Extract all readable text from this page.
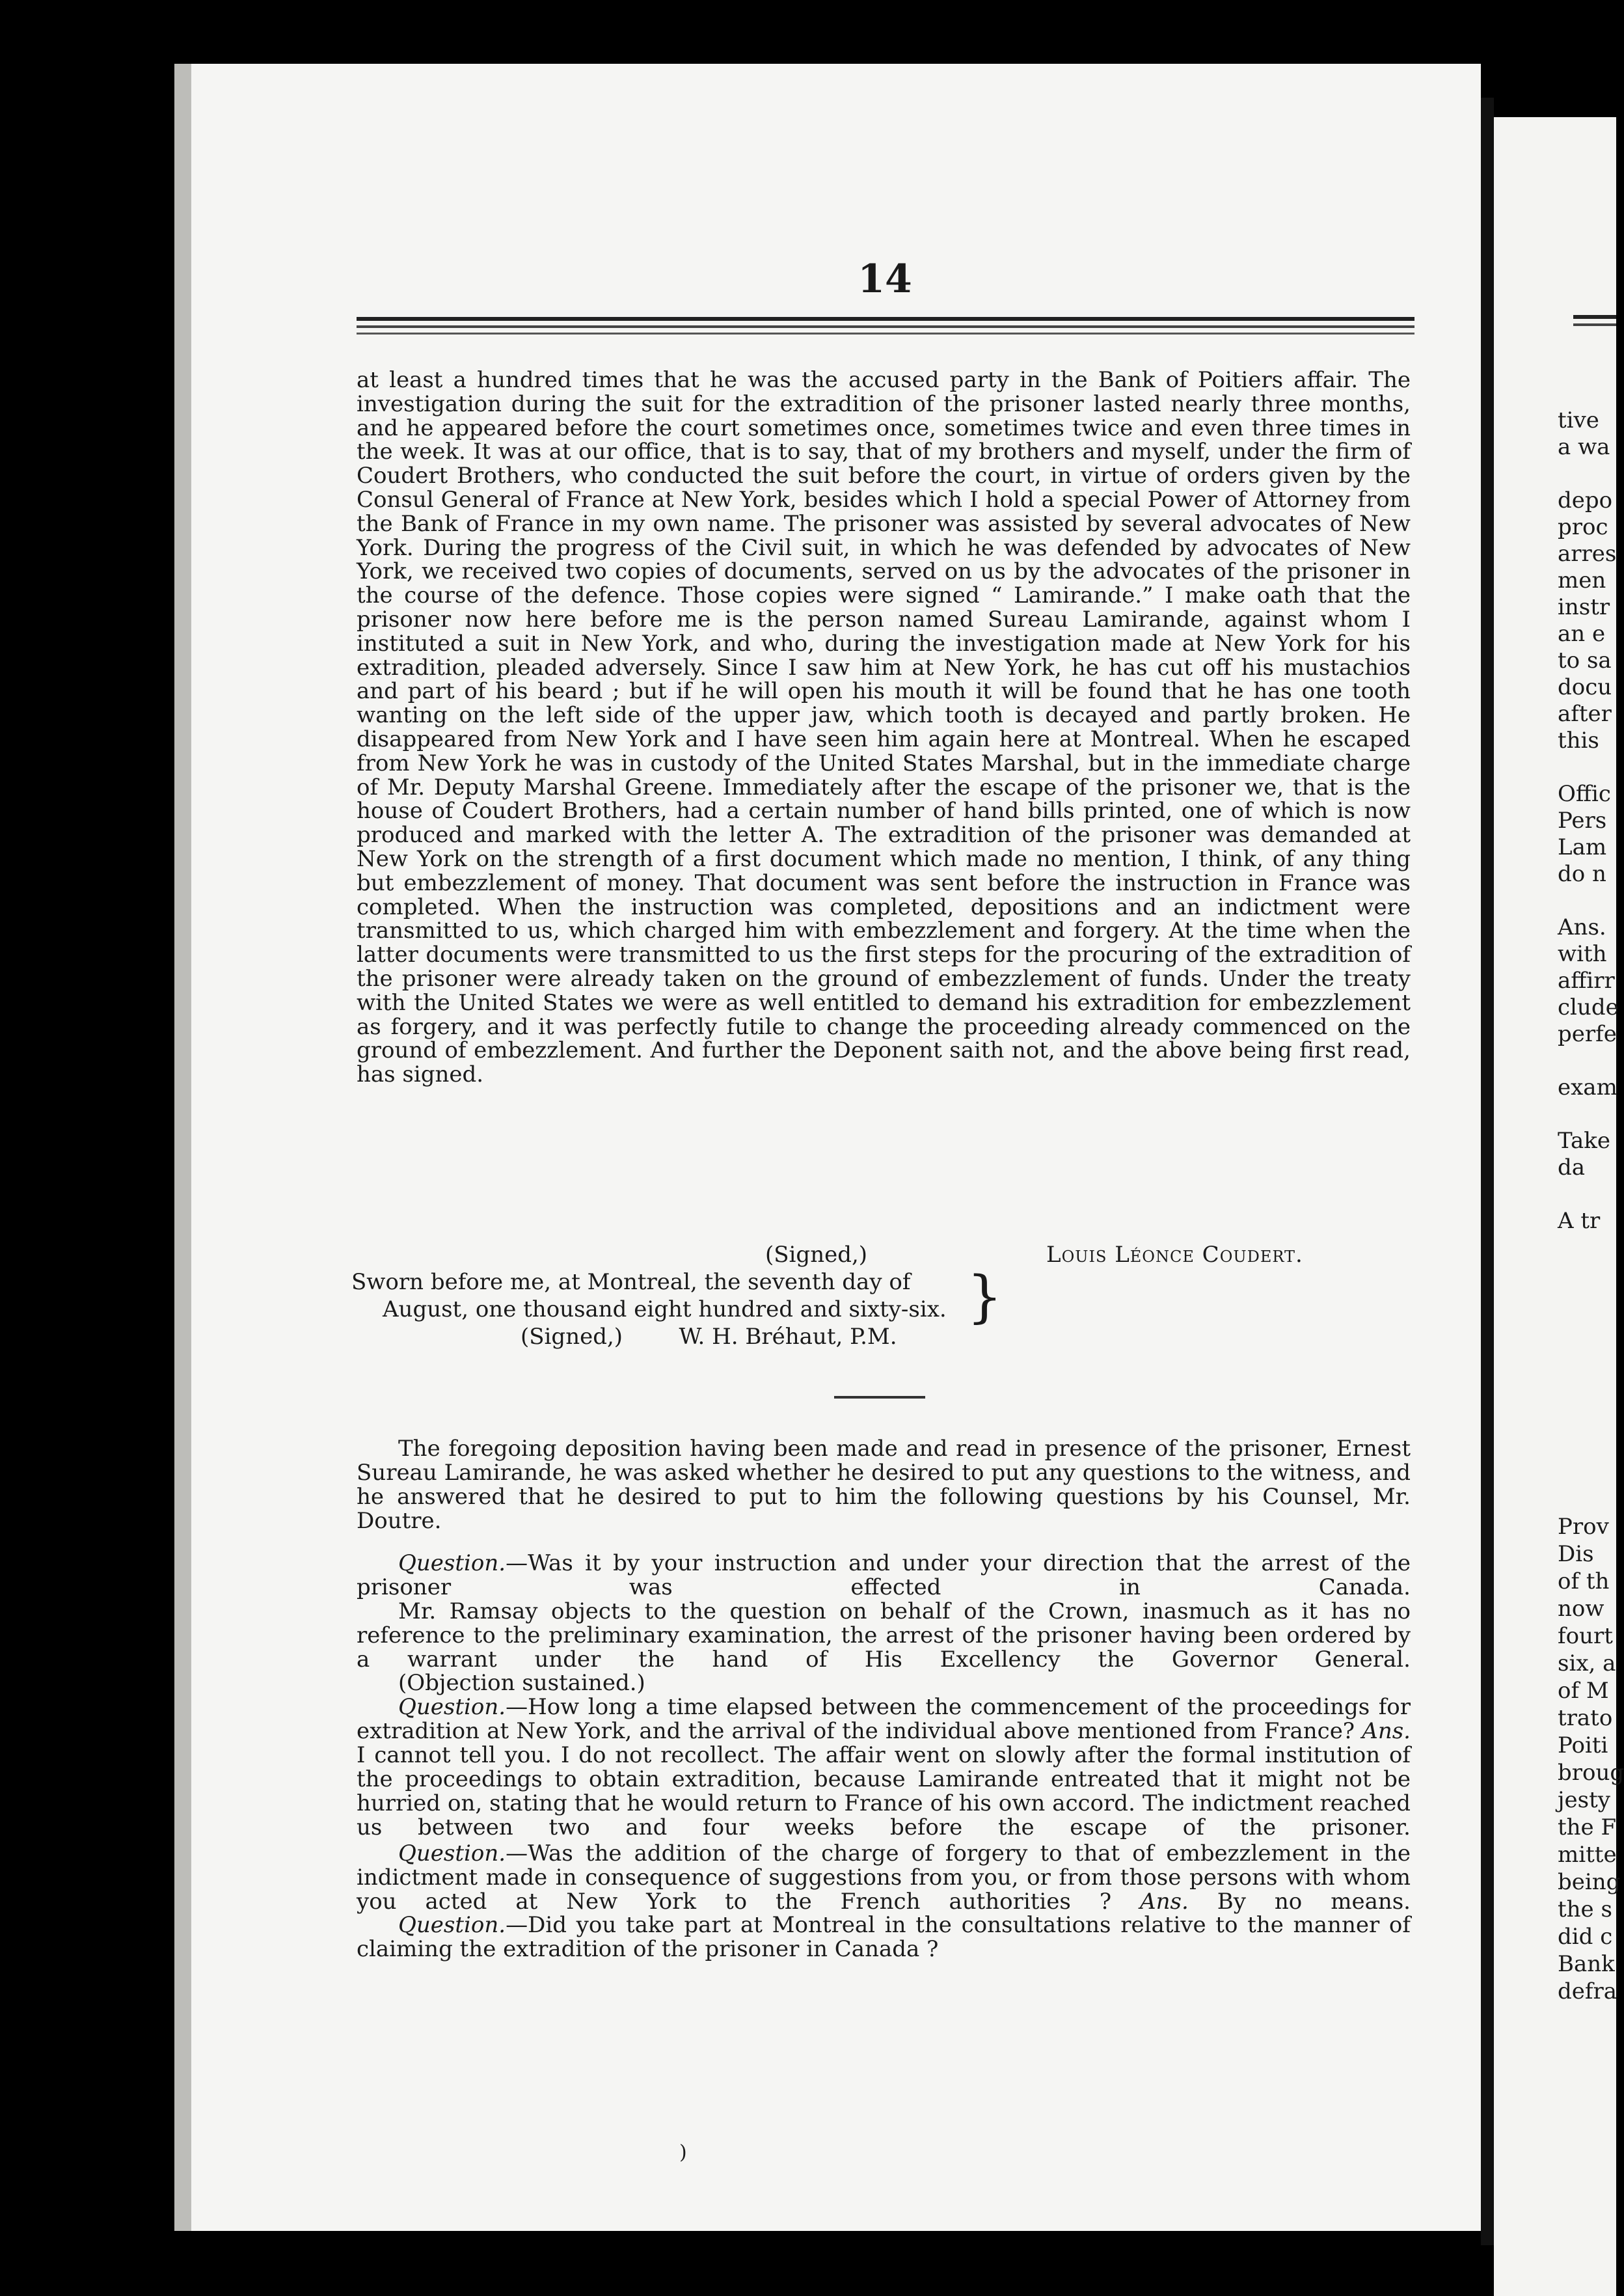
14
at least a hundred times that he was the accused party in the Bank of Poitiers affair. The investigation during the suit for the extradition of the prisoner lasted nearly three months, and he appeared before the court sometimes once, sometimes twice and even three times in the week. It was at our office, that is to say, that of my brothers and myself, under the firm of Coudert Brothers, who conducted the suit before the court, in virtue of orders given by the Consul General of France at New York, besides which I hold a special Power of Attorney from the Bank of France in my own name. The prisoner was assisted by several advocates of New York. During the progress of the Civil suit, in which he was defended by advocates of New York, we received two copies of documents, served on us by the advocates of the prisoner in the course of the defence. Those copies were signed “ Lamirande.” I make oath that the prisoner now here before me is the person named Sureau Lamirande, against whom I instituted a suit in New York, and who, during the investigation made at New York for his extradition, pleaded adversely. Since I saw him at New York, he has cut off his mustachios and part of his beard ; but if he will open his mouth it will be found that he has one tooth wanting on the left side of the upper jaw, which tooth is decayed and partly broken. He disappeared from New York and I have seen him again here at Montreal. When he escaped from New York he was in custody of the United States Marshal, but in the immediate charge of Mr. Deputy Marshal Greene. Immediately after the escape of the prisoner we, that is the house of Coudert Brothers, had a certain number of hand bills printed, one of which is now produced and marked with the letter A. The extradition of the prisoner was demanded at New York on the strength of a first document which made no mention, I think, of any thing but embezzlement of money. That document was sent before the instruction in France was completed. When the instruction was completed, depositions and an indictment were transmitted to us, which charged him with embezzlement and forgery. At the time when the latter documents were transmitted to us the first steps for the procuring of the extradition of the prisoner were already taken on the ground of embezzlement of funds. Under the treaty with the United States we were as well entitled to demand his extradition for embezzlement as forgery, and it was perfectly futile to change the proceeding already commenced on the ground of embezzlement. And further the Deponent saith not, and the above being first read, has signed.
(Signed,)	Louis Léonce Coudert.
Sworn before me, at Montreal, the seventh day of
August, one thousand eight hundred and sixty-six.
(Signed,)        W. H. Bréhaut, P.M.
}
The foregoing deposition having been made and read in presence of the prisoner, Ernest Sureau Lamirande, he was asked whether he desired to put any questions to the witness, and he answered that he desired to put to him the following questions by his Counsel, Mr. Doutre.
Question.—Was it by your instruction and under your direction that the arrest of the prisoner was effected in Canada.
Mr. Ramsay objects to the question on behalf of the Crown, inasmuch as it has no reference to the preliminary examination, the arrest of the prisoner having been ordered by a warrant under the hand of His Excellency the Governor General.
(Objection sustained.)
Question.—How long a time elapsed between the commencement of the proceedings for extradition at New York, and the arrival of the individual above mentioned from France? Ans. I cannot tell you. I do not recollect. The affair went on slowly after the formal institution of the proceedings to obtain extradition, because Lamirande entreated that it might not be hurried on, stating that he would return to France of his own accord. The indictment reached us between two and four weeks before the escape of the prisoner.
Question.—Was the addition of the charge of forgery to that of embezzlement in the indictment made in consequence of suggestions from you, or from those persons with whom you acted at New York to the French authorities ? Ans. By no means.
Question.—Did you take part at Montreal in the consultations relative to the manner of claiming the extradition of the prisoner in Canada ?
)
tive
a wa
depo
proc
arres
men
instr
an e
to sa
docu
after
this
Offic
Pers
Lam
do n
Ans.
with
affirr
clude
perfe
exam
Take
da
A tr
Prov
Dis
of th
now
fourt
six, a
of M
trato
Poiti
broug
jesty
the F
mitte
being
the s
did c
Bank
defra
